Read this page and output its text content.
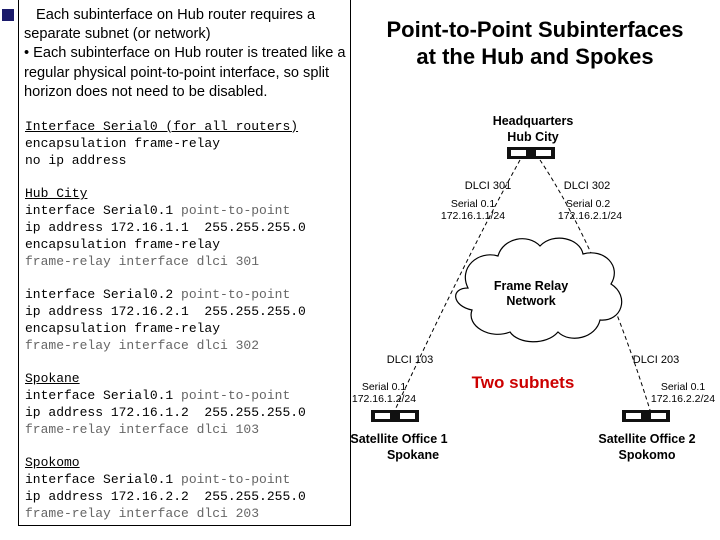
Point-to-Point Subinterfaces
at the Hub and Spokes

Each subinterface on Hub router requires a separate subnet (or network)

• Each subinterface on Hub router is treated like a regular physical point-to-point interface, so split horizon does not need to be disabled.

Interface Serial0 (for all routers)
encapsulation frame-relay
no ip address
Hub City
interface Serial0.1 point-to-point
ip address 172.16.1.1  255.255.255.0
encapsulation frame-relay
frame-relay interface dlci 301

interface Serial0.2 point-to-point
ip address 172.16.2.1  255.255.255.0
encapsulation frame-relay
frame-relay interface dlci 302
Spokane
interface Serial0.1 point-to-point
ip address 172.16.1.2  255.255.255.0
frame-relay interface dlci 103
Spokomo
interface Serial0.1 point-to-point
ip address 172.16.2.2  255.255.255.0
frame-relay interface dlci 203
Frame Relay
Network
Headquarters
Hub City
DLCI 301	DLCI 302
Serial 0.1
172.16.1.1/24
Serial 0.2
172.16.2.1/24
DLCI 103	DLCI 203
Two subnets
Serial 0.1
172.16.1.2/24
Satellite Office 1
Spokane
Serial 0.1
172.16.2.2/24
Satellite Office 2
Spokomo
